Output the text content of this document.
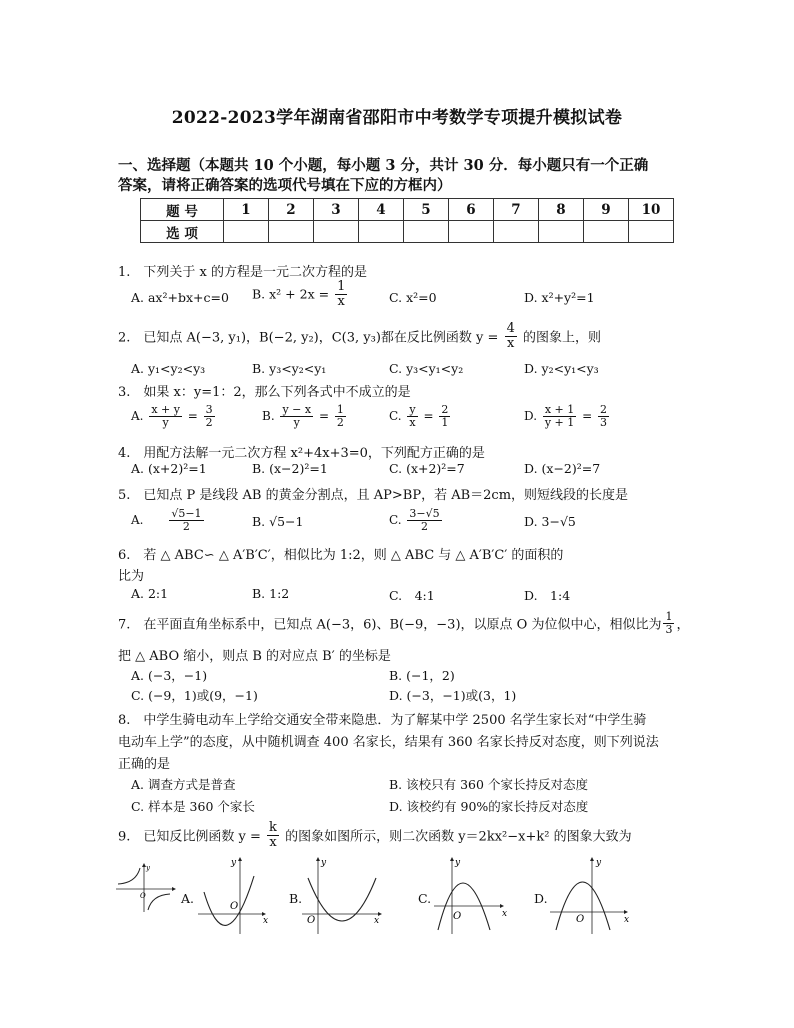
2022-2023学年湖南省邵阳市中考数学专项提升模拟试卷
一、选择题（本题共 10 个小题，每小题 3 分，共计 30 分．每小题只有一个正确
答案，请将正确答案的选项代号填在下应的方框内）
题 号	1	2	3	4	5	6	7	8	9	10
选 项										
1.　下列关于 x 的方程是一元二次方程的是
A. ax²+bx+c=0 B. $x^2 + 2x = \frac{1}{x}$	C. x²=0	D. x²+y²=1
2.　已知点 A(−3, y₁)，B(−2, y₂)，C(3, y₃)都在反比例函数 $y = \frac{4}{x}$ 的图象上，则
A. y₁<y₂<y₃	B. y₃<y₂<y₁	C. y₃<y₁<y₂	D. y₂<y₁<y₃
3.　如果 x：y=1：2，那么下列各式中不成立的是
A. $\frac{x + y}{y} = \frac{3}{2}$	B. $\frac{y - x}{y} = \frac{1}{2}$	C. $\frac{y}{x} = \frac{2}{1}$	D. $\frac{x + 1}{y + 1} = \frac{2}{3}$
4.　用配方法解一元二次方程 x²+4x+3=0，下列配方正确的是
A. (x+2)²=1	B. (x−2)²=1	C. (x+2)²=7	D. (x−2)²=7
5.　已知点 P 是线段 AB 的黄金分割点，且 AP>BP，若 AB＝2cm，则短线段的长度是
A. $\frac{√5-1}{2}$	B. √5−1	C. $\frac{3-√5}{2}$	D. 3−√5
6.　若 △ ABC∽ △ A′B′C′，相似比为 1:2，则 △ ABC 与 △ A′B′C′ 的面积的
比为
A. 2:1	B. 1:2	C.　4:1	D.　1:4
7.　在平面直角坐标系中，已知点 A(−3，6)、B(−9，−3)，以原点 O 为位似中心，相似比为 $\frac{1}{3}$ ，
把 △ ABO 缩小，则点 B 的对应点 B′ 的坐标是
A. (−3，−1)	B. (−1，2)
C. (−9，1)或(9，−1)	D. (−3，−1)或(3，1)
8.　中学生骑电动车上学给交通安全带来隐患．为了解某中学 2500 名学生家长对“中学生骑
电动车上学”的态度，从中随机调查 400 名家长，结果有 360 名家长持反对态度，则下列说法
正确的是
A. 调查方式是普查	B. 该校只有 360 个家长持反对态度
C. 样本是 360 个家长	D. 该校约有 90%的家长持反对态度
9.　已知反比例函数 $y = \frac{k}{x}$ 的图象如图所示，则二次函数 y＝2kx²−x+k² 的图象大致为
O
y
A.
O
x
y
B.
O	x
y
C.
O	x
y
D.
O	x
y
